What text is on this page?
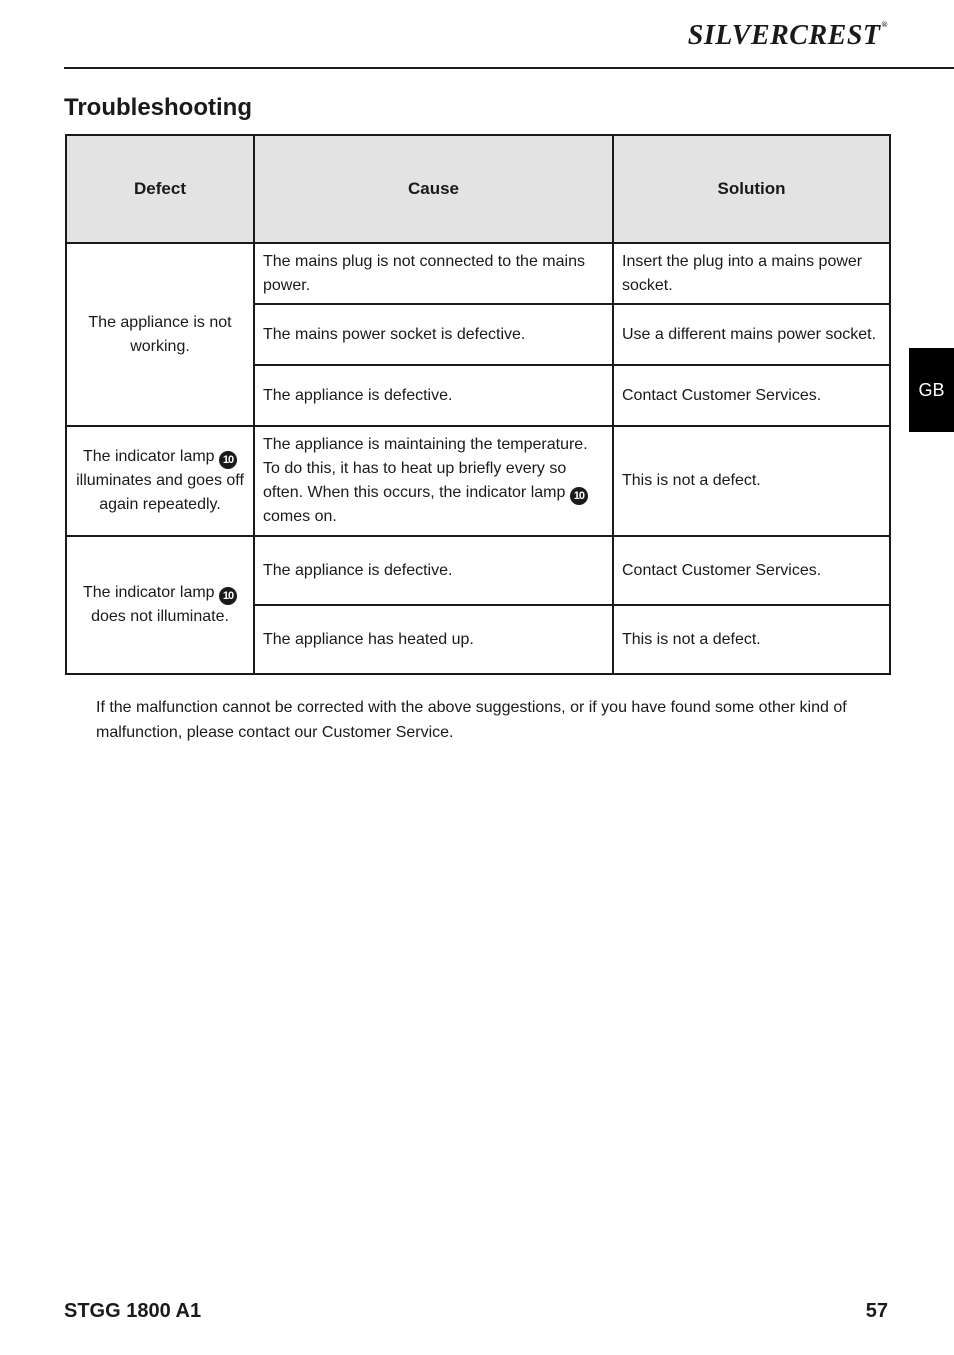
SILVERCREST®
Troubleshooting
GB
Defect	Cause	Solution
The appliance is not working.	The mains plug is not connected to the mains power.	Insert the plug into a mains power socket.
	The mains power socket is defective.	Use a different mains power socket.
	The appliance is defective.	Contact Customer Services.
The indicator lamp 10 illuminates and goes off again repeatedly.	The appliance is maintaining the temperature. To do this, it has to heat up briefly every so often. When this occurs, the indicator lamp 10 comes on.	This is not a defect.
The indicator lamp 10 does not illuminate.	The appliance is defective.	Contact Customer Services.
	The appliance has heated up.	This is not a defect.

If the malfunction cannot be corrected with the above suggestions, or if you have found some other kind of malfunction, please contact our Customer Service.

STGG 1800 A1	57
